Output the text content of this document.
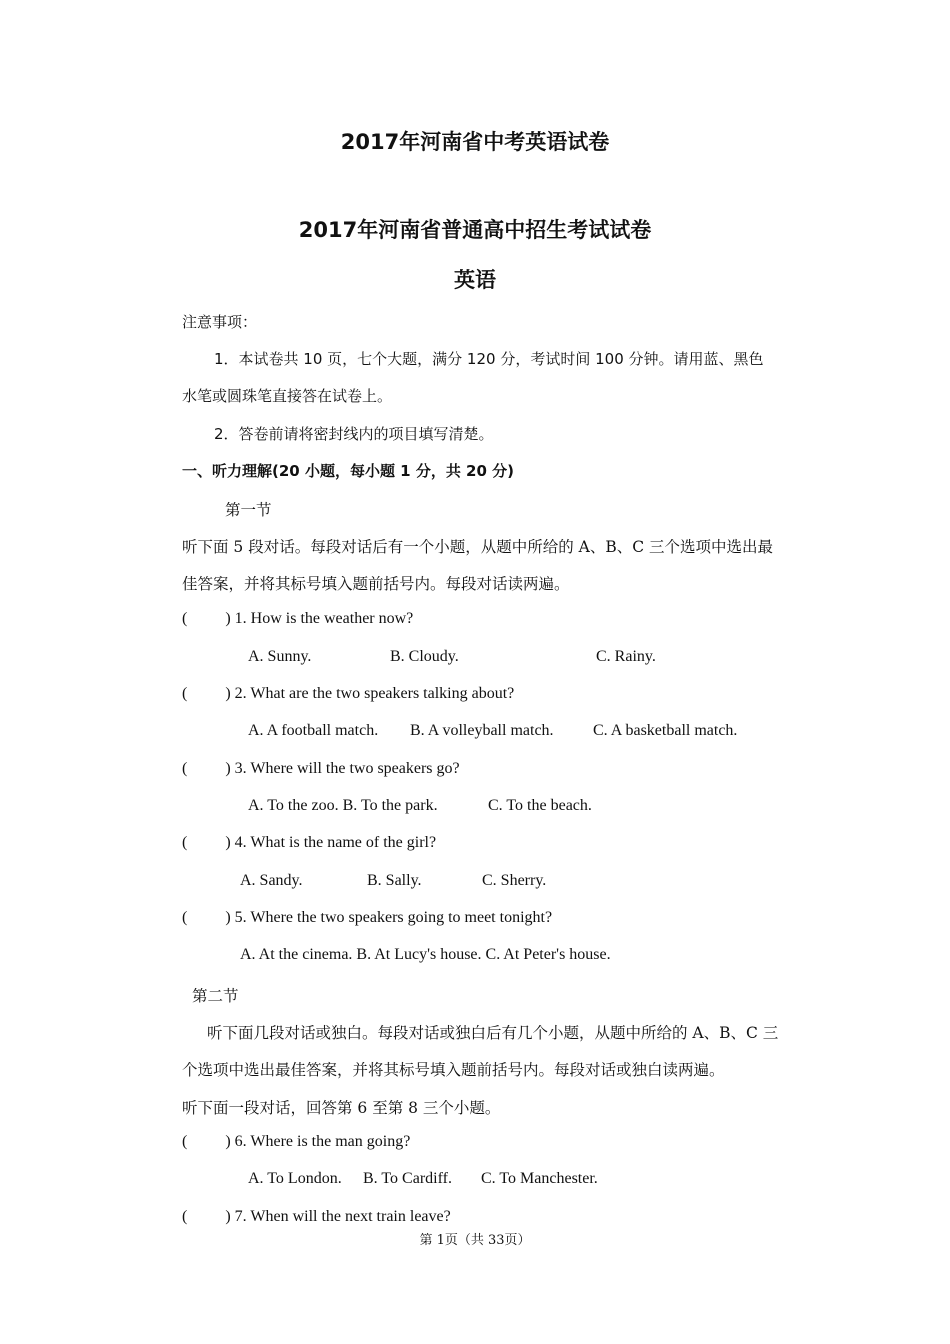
2017年河南省中考英语试卷
2017年河南省普通高中招生考试试卷
英语
注意事项：
1．本试卷共 10 页，七个大题，满分 120 分，考试时间 100 分钟。请用蓝、黑色
水笔或圆珠笔直接答在试卷上。
2．答卷前请将密封线内的项目填写清楚。
一、听力理解(20 小题，每小题 1 分，共 20 分)
第一节
听下面 5 段对话。每段对话后有一个小题，从题中所给的 A、B、C 三个选项中选出最
佳答案，并将其标号填入题前括号内。每段对话读两遍。
( ) 1. How is the weather now?
A. Sunny.	B. Cloudy.	C. Rainy.
( ) 2. What are the two speakers talking about?
A. A football match. B. A volleyball match. C. A basketball match.
( ) 3. Where will the two speakers go?
A. To the zoo. B. To the park.	C. To the beach.
( ) 4. What is the name of the girl?
A. Sandy.	B. Sally.	C. Sherry.
( ) 5. Where the two speakers going to meet tonight?
A. At the cinema. B. At Lucy's house. C. At Peter's house.
第二节
听下面几段对话或独白。每段对话或独白后有几个小题，从题中所给的 A、B、C 三
个选项中选出最佳答案，并将其标号填入题前括号内。每段对话或独白读两遍。
听下面一段对话，回答第 6 至第 8 三个小题。
( ) 6. Where is the man going?
A. To London. B. To Cardiff. C. To Manchester.
( ) 7. When will the next train leave?
第 1页（共 33页）
